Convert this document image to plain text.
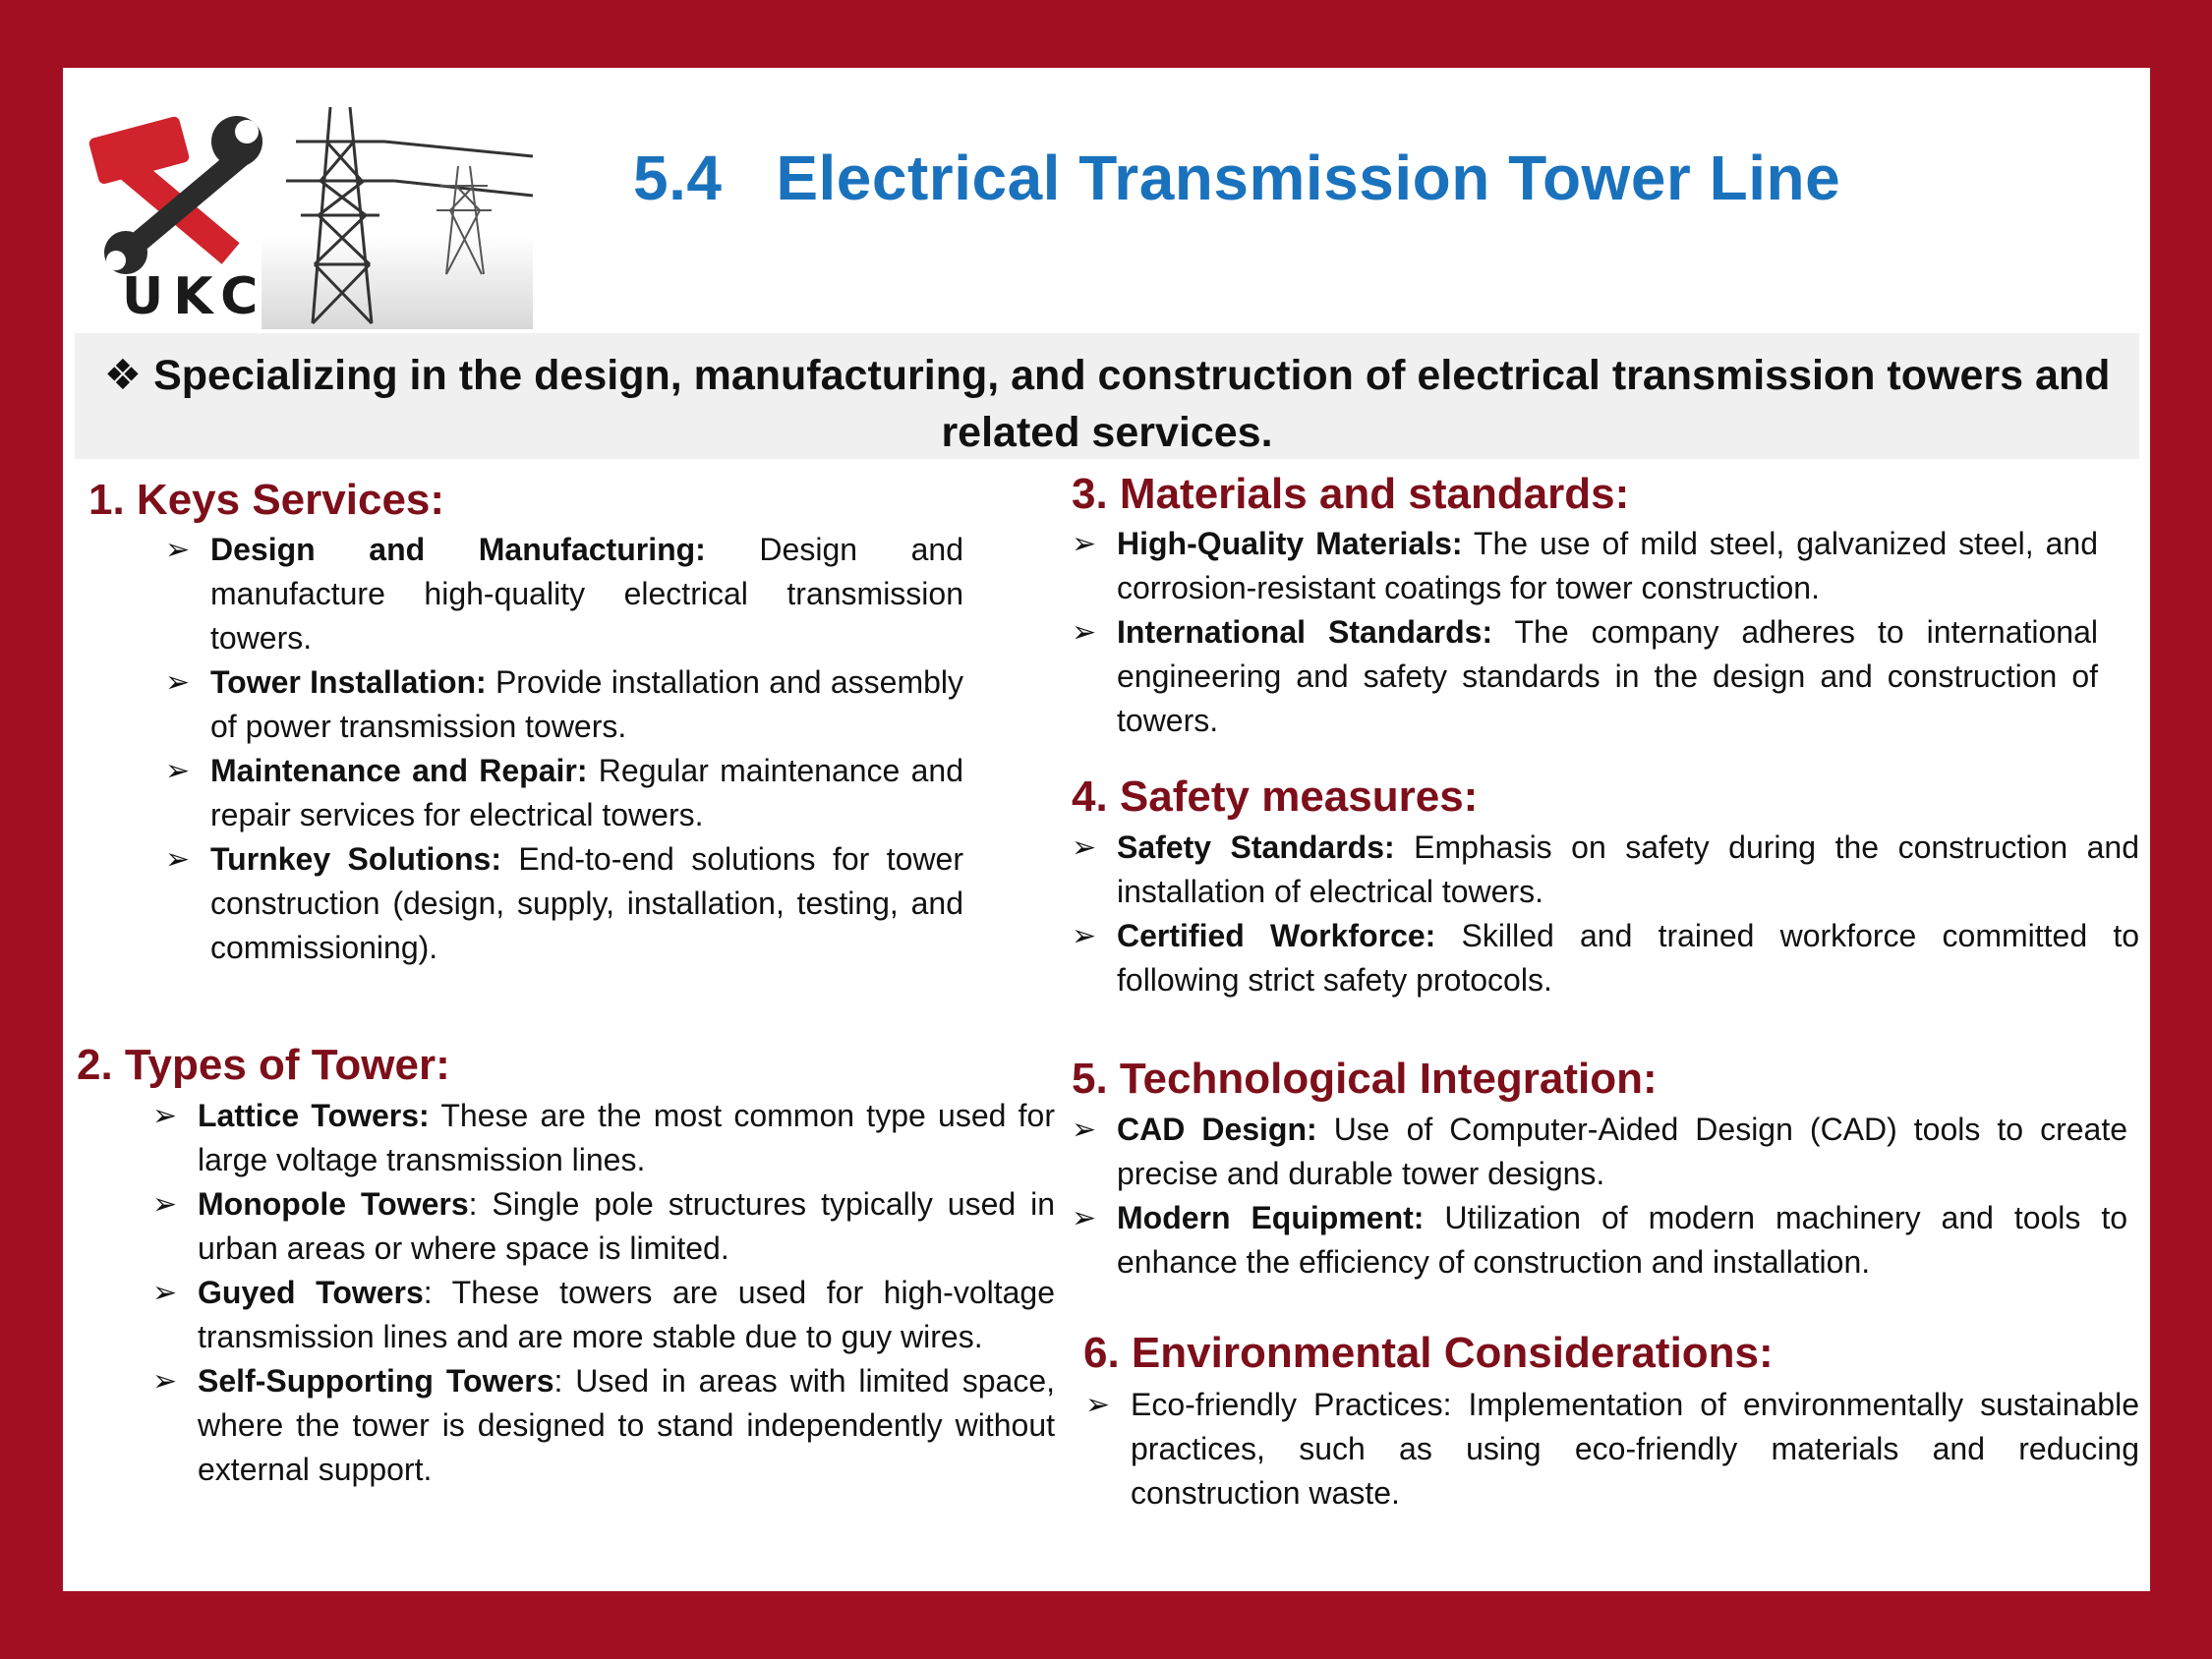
UKC
5.4 Electrical Transmission Tower Line
❖ Specializing in the design, manufacturing, and construction of electrical transmission towers and related services.
1. Keys Services:
➢ Design and Manufacturing: Design and manufacture high-quality electrical transmission towers.
➢ Tower Installation: Provide installation and assembly of power transmission towers.
➢ Maintenance and Repair: Regular maintenance and repair services for electrical towers.
➢ Turnkey Solutions: End-to-end solutions for tower construction (design, supply, installation, testing, and commissioning).
2. Types of Tower:
➢ Lattice Towers: These are the most common type used for large voltage transmission lines.
➢ Monopole Towers: Single pole structures typically used in urban areas or where space is limited.
➢ Guyed Towers: These towers are used for high-voltage transmission lines and are more stable due to guy wires.
➢ Self-Supporting Towers: Used in areas with limited space, where the tower is designed to stand independently without external support.
3. Materials and standards:
➢ High-Quality Materials: The use of mild steel, galvanized steel, and corrosion-resistant coatings for tower construction.
➢ International Standards: The company adheres to international engineering and safety standards in the design and construction of towers.
4. Safety measures:
➢ Safety Standards: Emphasis on safety during the construction and installation of electrical towers.
➢ Certified Workforce: Skilled and trained workforce committed to following strict safety protocols.
5. Technological Integration:
➢ CAD Design: Use of Computer-Aided Design (CAD) tools to create precise and durable tower designs.
➢ Modern Equipment: Utilization of modern machinery and tools to enhance the efficiency of construction and installation.
6. Environmental Considerations:
➢ Eco-friendly Practices: Implementation of environmentally sustainable practices, such as using eco-friendly materials and reducing construction waste.
